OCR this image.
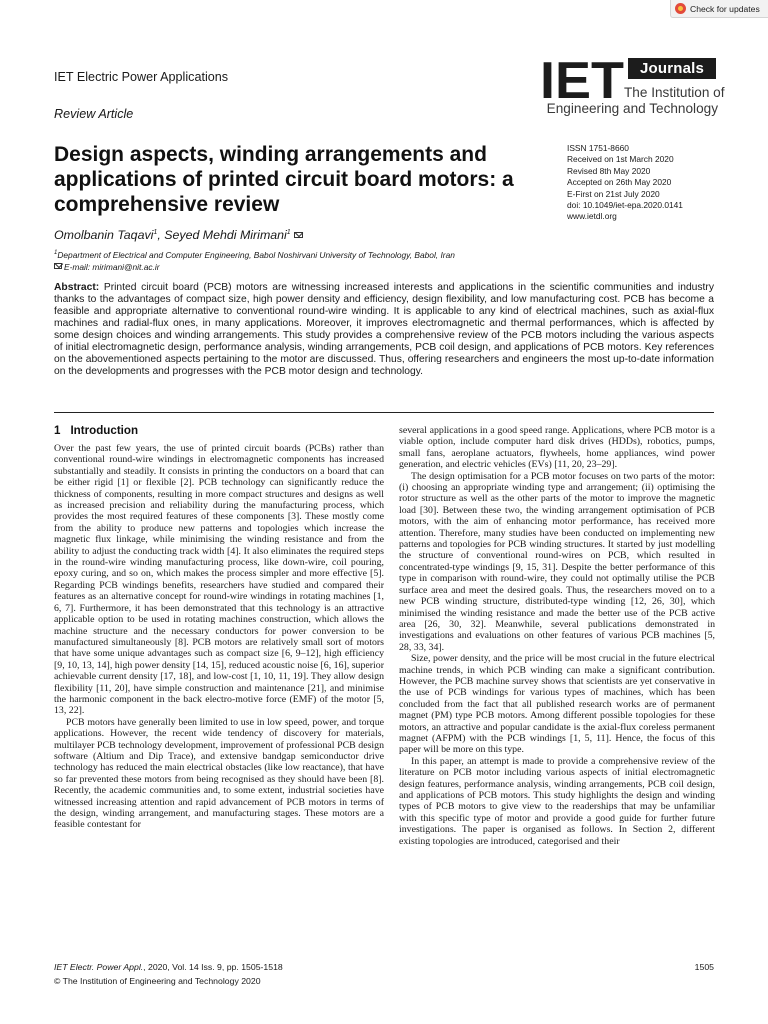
Check for updates
IET Electric Power Applications
Review Article
IET	Journals
The Institution of
Engineering and Technology
Design aspects, winding arrangements and applications of printed circuit board motors: a comprehensive review
ISSN 1751-8660
Received on 1st March 2020
Revised 8th May 2020
Accepted on 26th May 2020
E-First on 21st July 2020
doi: 10.1049/iet-epa.2020.0141
www.ietdl.org
Omolbanin Taqavi$^1$, Seyed Mehdi Mirimani$^1$
$^1$Department of Electrical and Computer Engineering, Babol Noshirvani University of Technology, Babol, Iran
E-mail: mirimani@nit.ac.ir

Abstract: Printed circuit board (PCB) motors are witnessing increased interests and applications in the scientific communities and industry thanks to the advantages of compact size, high power density and efficiency, design flexibility, and low manufacturing cost. PCB has become a feasible and appropriate alternative to conventional round-wire winding. It is applicable to any kind of electrical machines, such as axial-flux machines and radial-flux ones, in many applications. Moreover, it improves electromagnetic and thermal performances, which is affected by some design choices and winding arrangements. This study provides a comprehensive review of the PCB motors including the various aspects of initial electromagnetic design, performance analysis, winding arrangements, PCB coil design, and applications of PCB motors. Key references on the abovementioned aspects pertaining to the motor are discussed. Thus, offering researchers and engineers the most up-to-date information on the developments and progresses with the PCB motor design and technology.

1 Introduction

Over the past few years, the use of printed circuit boards (PCBs) rather than conventional round-wire windings in electromagnetic components has increased substantially and steadily. It consists in printing the conductors on a board that can be either rigid [1] or flexible [2]. PCB technology can significantly reduce the thickness of components, resulting in more compact structures and designs as well as increased precision and reliability during the manufacturing process, which provides the most required features of these components [3]. These mostly come from the ability to produce new patterns and topologies which increase the magnetic flux linkage, while minimising the winding resistance and from the ability to adjust the conducting track width [4]. It also eliminates the required steps in the round-wire winding manufacturing process, like down-wire, coil pouring, epoxy curing, and so on, which makes the process simpler and more effective [5]. Regarding PCB windings benefits, researchers have studied and compared their features as an alternative concept for round-wire windings in rotating machines [1, 6, 7]. Furthermore, it has been demonstrated that this technology is an attractive applicable option to be used in rotating machines construction, which allows the machine structure and the necessary conductors for power conversion to be manufactured simultaneously [8]. PCB motors are relatively small sort of motors that have some unique advantages such as compact size [6, 9–12], high efficiency [9, 10, 13, 14], high power density [14, 15], reduced acoustic noise [6, 16], superior achievable current density [17, 18], and low-cost [1, 10, 11, 19]. They allow design flexibility [11, 20], have simple construction and maintenance [21], and minimise the harmonic component in the back electro-motive force (EMF) of the motor [5, 13, 22].

PCB motors have generally been limited to use in low speed, power, and torque applications. However, the recent wide tendency of discovery for materials, multilayer PCB technology development, improvement of professional PCB design software (Altium and Dip Trace), and extensive bandgap semiconductor drive technology has reduced the main electrical obstacles (like low reactance), that have so far prevented these motors from being recognised as they should have been [8]. Recently, the academic communities and, to some extent, industrial societies have witnessed increasing attention and rapid advancement of PCB motors in terms of the design, winding arrangement, and manufacturing stages. These motors are a feasible contestant for

several applications in a good speed range. Applications, where PCB motor is a viable option, include computer hard disk drives (HDDs), robotics, pumps, small fans, aeroplane actuators, flywheels, home appliances, wind power generation, and electric vehicles (EVs) [11, 20, 23–29].

The design optimisation for a PCB motor focuses on two parts of the motor: (i) choosing an appropriate winding type and arrangement; (ii) optimising the rotor structure as well as the other parts of the motor to improve the magnetic load [30]. Between these two, the winding arrangement optimisation of PCB motors, with the aim of enhancing motor performance, has received more attention. Therefore, many studies have been conducted on implementing new patterns and topologies for PCB winding structures. It started by just modelling the structure of conventional round-wires on PCB, which resulted in concentrated-type windings [9, 15, 31]. Despite the better performance of this type in comparison with round-wire, they could not optimally utilise the PCB surface area and meet the desired goals. Thus, the researchers moved on to a new PCB winding structure, distributed-type winding [12, 26, 30], which minimised the winding resistance and made the better use of the PCB active area [26, 30, 32]. Meanwhile, several publications demonstrated in investigations and evaluations on other features of various PCB machines [5, 28, 33, 34].

Size, power density, and the price will be most crucial in the future electrical machine trends, in which PCB winding can make a significant contribution. However, the PCB machine survey shows that scientists are yet conservative in the use of PCB windings for various types of machines, which has been concluded from the fact that all published research works are of permanent magnet (PM) type PCB motors. Among different possible topologies for these motors, an attractive and popular candidate is the axial-flux coreless permanent magnet (AFPM) with the PCB windings [1, 5, 11]. Hence, the focus of this paper will be more on this type.

In this paper, an attempt is made to provide a comprehensive review of the literature on PCB motor including various aspects of initial electromagnetic design features, performance analysis, winding arrangements, PCB coil design, and applications of PCB motors. This study highlights the design and winding types of PCB motors to give view to the readerships that may be unfamiliar with this specific type of motor and provide a good guide for further future investigations. The paper is organised as follows. In Section 2, different existing topologies are introduced, categorised and their

IET Electr. Power Appl., 2020, Vol. 14 Iss. 9, pp. 1505-1518
© The Institution of Engineering and Technology 2020
1505
